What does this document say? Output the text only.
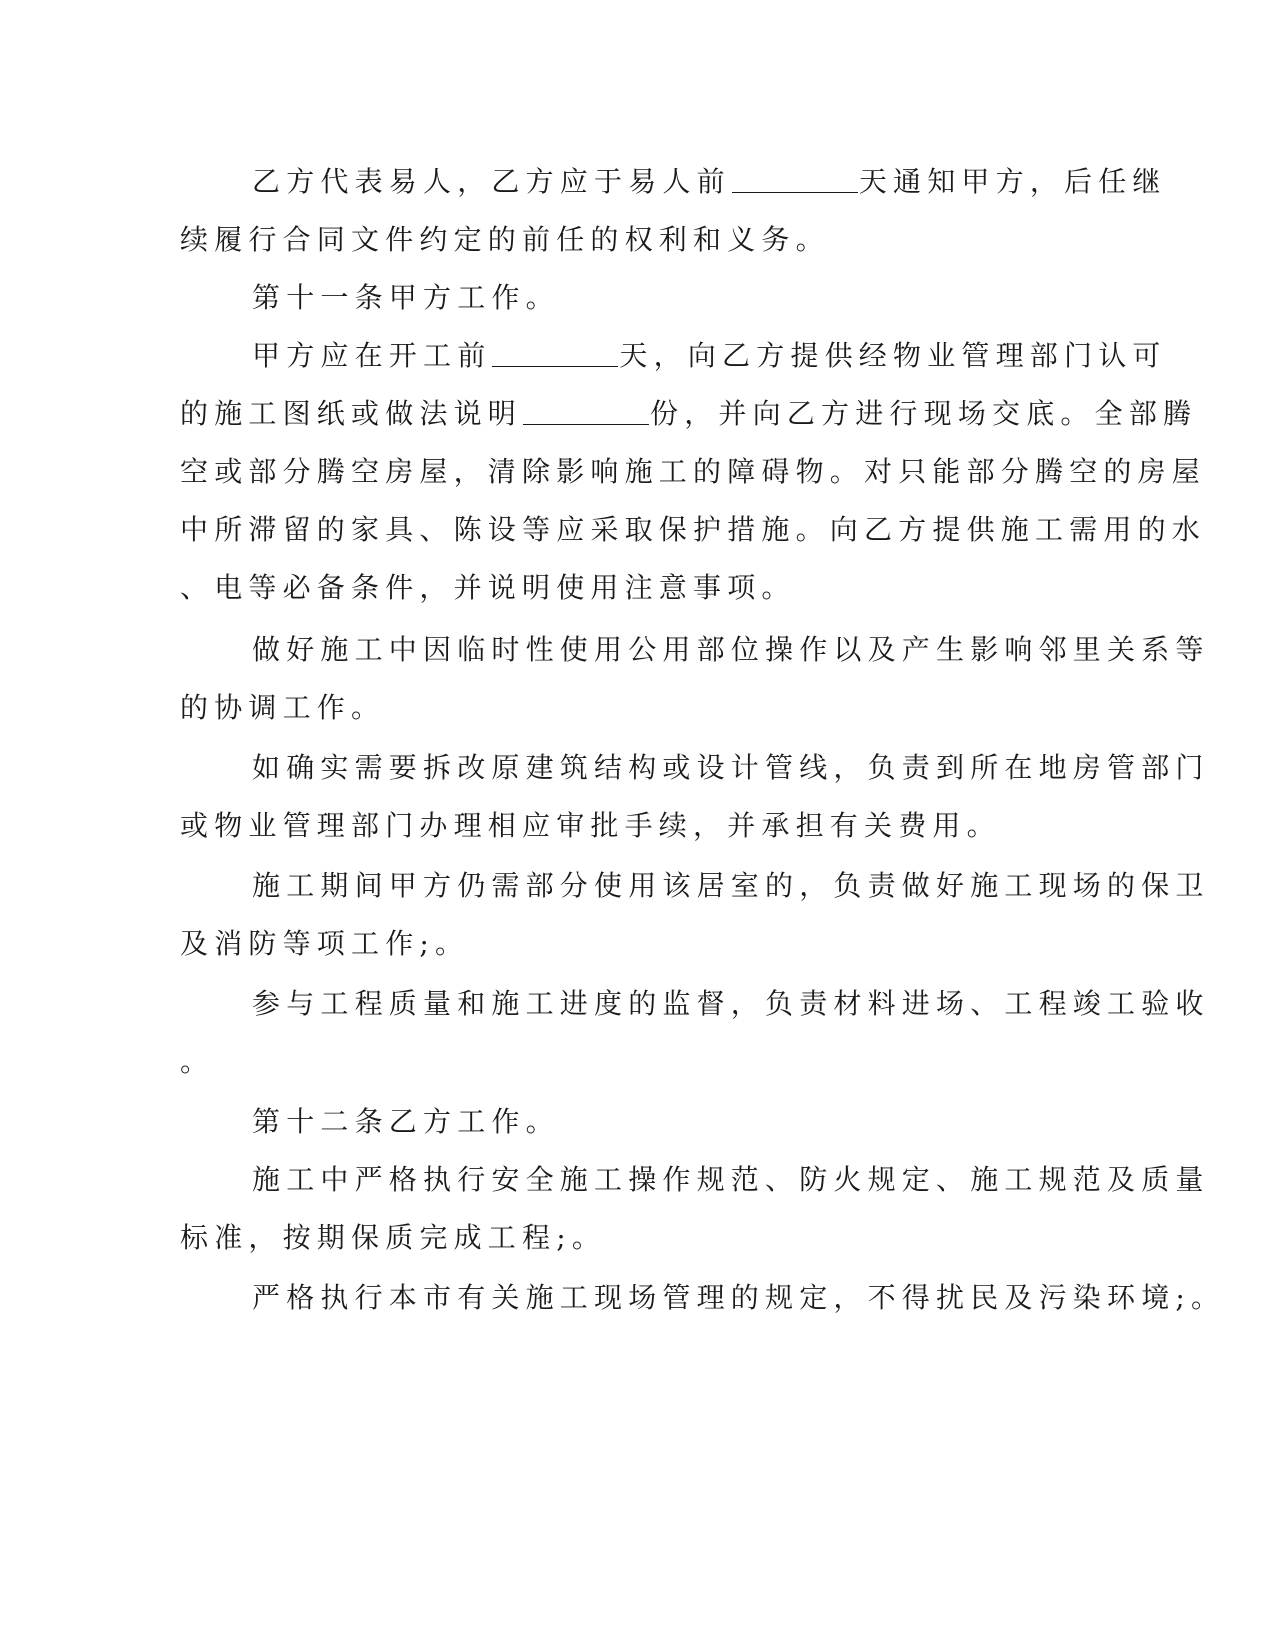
乙方代表易人，乙方应于易人前	天通知甲方，后任继
续履行合同文件约定的前任的权利和义务。
第十一条甲方工作。
甲方应在开工前	天，向乙方提供经物业管理部门认可
的施工图纸或做法说明	份，并向乙方进行现场交底。全部腾
空或部分腾空房屋，清除影响施工的障碍物。对只能部分腾空的房屋
中所滞留的家具、陈设等应采取保护措施。向乙方提供施工需用的水
、电等必备条件，并说明使用注意事项。
做好施工中因临时性使用公用部位操作以及产生影响邻里关系等
的协调工作。
如确实需要拆改原建筑结构或设计管线，负责到所在地房管部门
或物业管理部门办理相应审批手续，并承担有关费用。
施工期间甲方仍需部分使用该居室的，负责做好施工现场的保卫
及消防等项工作;。
参与工程质量和施工进度的监督，负责材料进场、工程竣工验收
。
第十二条乙方工作。
施工中严格执行安全施工操作规范、防火规定、施工规范及质量
标准，按期保质完成工程;。
严格执行本市有关施工现场管理的规定，不得扰民及污染环境;。
